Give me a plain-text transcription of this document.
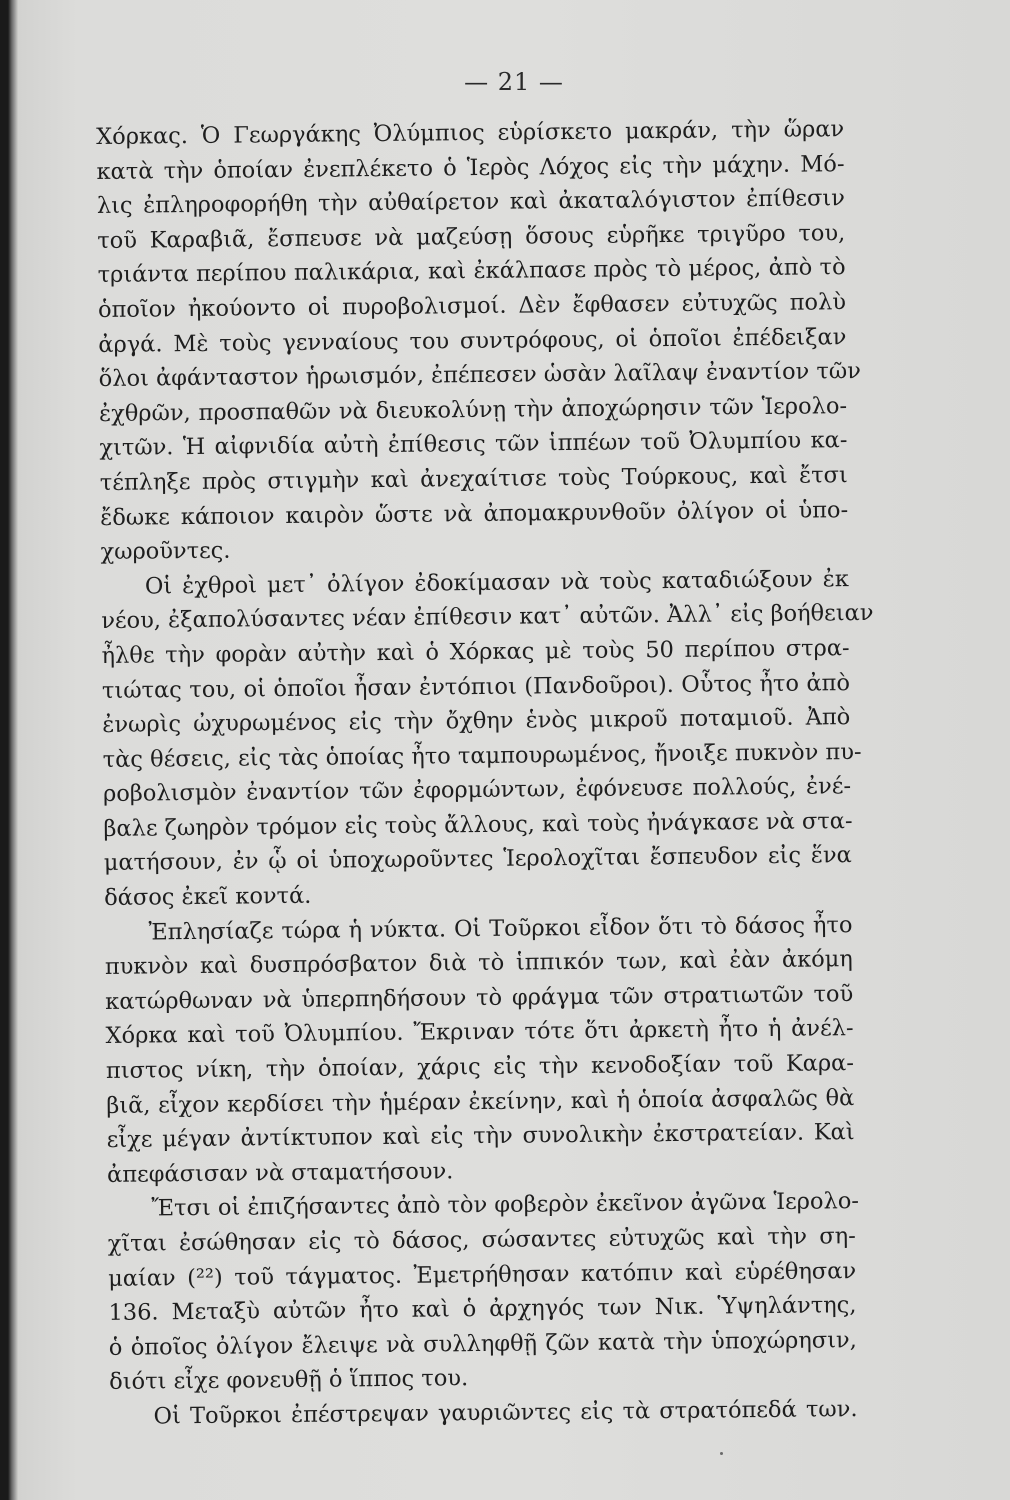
— 21 —
Χόρκας. Ὁ Γεωργάκης Ὀλύμπιος εὑρίσκετο μακράν, τὴν ὥραν
κατὰ τὴν ὁποίαν ἐνεπλέκετο ὁ Ἱερὸς Λόχος εἰς τὴν μάχην. Μό-
λις ἐπληροφορήθη τὴν αὐθαίρετον καὶ ἀκαταλόγιστον ἐπίθεσιν
τοῦ Καραβιᾶ, ἔσπευσε νὰ μαζεύσῃ ὅσους εὑρῆκε τριγῦρο του,
τριάντα περίπου παλικάρια, καὶ ἐκάλπασε πρὸς τὸ μέρος, ἀπὸ τὸ
ὁποῖον ἠκούοντο οἱ πυροβολισμοί. Δὲν ἔφθασεν εὐτυχῶς πολὺ
ἀργά. Μὲ τοὺς γενναίους του συντρόφους, οἱ ὁποῖοι ἐπέδειξαν
ὅλοι ἀφάνταστον ἡρωισμόν, ἐπέπεσεν ὡσὰν λαῖλαψ ἐναντίον τῶν
ἐχθρῶν, προσπαθῶν νὰ διευκολύνῃ τὴν ἀποχώρησιν τῶν Ἱερολο-
χιτῶν. Ἡ αἰφνιδία αὐτὴ ἐπίθεσις τῶν ἱππέων τοῦ Ὀλυμπίου κα-
τέπληξε πρὸς στιγμὴν καὶ ἀνεχαίτισε τοὺς Τούρκους, καὶ ἔτσι
ἔδωκε κάποιον καιρὸν ὥστε νὰ ἀπομακρυνθοῦν ὀλίγον οἱ ὑπο-
χωροῦντες.
Οἱ ἐχθροὶ μετ᾽ ὀλίγον ἐδοκίμασαν νὰ τοὺς καταδιώξουν ἐκ
νέου, ἐξαπολύσαντες νέαν ἐπίθεσιν κατ᾽ αὐτῶν. Ἀλλ᾽ εἰς βοήθειαν
ἦλθε τὴν φορὰν αὐτὴν καὶ ὁ Χόρκας μὲ τοὺς 50 περίπου στρα-
τιώτας του, οἱ ὁποῖοι ἦσαν ἐντόπιοι (Πανδοῦροι). Οὗτος ἦτο ἀπὸ
ἐνωρὶς ὠχυρωμένος εἰς τὴν ὄχθην ἑνὸς μικροῦ ποταμιοῦ. Ἀπὸ
τὰς θέσεις, εἰς τὰς ὁποίας ἦτο ταμπουρωμένος, ἤνοιξε πυκνὸν πυ-
ροβολισμὸν ἐναντίον τῶν ἐφορμώντων, ἐφόνευσε πολλούς, ἐνέ-
βαλε ζωηρὸν τρόμον εἰς τοὺς ἄλλους, καὶ τοὺς ἠνάγκασε νὰ στα-
ματήσουν, ἐν ᾧ οἱ ὑποχωροῦντες Ἱερολοχῖται ἔσπευδον εἰς ἕνα
δάσος ἐκεῖ κοντά.
Ἐπλησίαζε τώρα ἡ νύκτα. Οἱ Τοῦρκοι εἶδον ὅτι τὸ δάσος ἦτο
πυκνὸν καὶ δυσπρόσβατον διὰ τὸ ἱππικόν των, καὶ ἐὰν ἀκόμη
κατώρθωναν νὰ ὑπερπηδήσουν τὸ φράγμα τῶν στρατιωτῶν τοῦ
Χόρκα καὶ τοῦ Ὀλυμπίου. Ἔκριναν τότε ὅτι ἀρκετὴ ἦτο ἡ ἀνέλ-
πιστος νίκη, τὴν ὁποίαν, χάρις εἰς τὴν κενοδοξίαν τοῦ Καρα-
βιᾶ, εἶχον κερδίσει τὴν ἡμέραν ἐκείνην, καὶ ἡ ὁποία ἀσφαλῶς θὰ
εἶχε μέγαν ἀντίκτυπον καὶ εἰς τὴν συνολικὴν ἐκστρατείαν. Καὶ
ἀπεφάσισαν νὰ σταματήσουν.
Ἔτσι οἱ ἐπιζήσαντες ἀπὸ τὸν φοβερὸν ἐκεῖνον ἀγῶνα Ἱερολο-
χῖται ἐσώθησαν εἰς τὸ δάσος, σώσαντες εὐτυχῶς καὶ τὴν ση-
μαίαν (²²) τοῦ τάγματος. Ἐμετρήθησαν κατόπιν καὶ εὑρέθησαν
136. Μεταξὺ αὐτῶν ἦτο καὶ ὁ ἀρχηγός των Νικ. Ὑψηλάντης,
ὁ ὁποῖος ὀλίγον ἔλειψε νὰ συλληφθῇ ζῶν κατὰ τὴν ὑποχώρησιν,
διότι εἶχε φονευθῇ ὁ ἵππος του.
Οἱ Τοῦρκοι ἐπέστρεψαν γαυριῶντες εἰς τὰ στρατόπεδά των.
